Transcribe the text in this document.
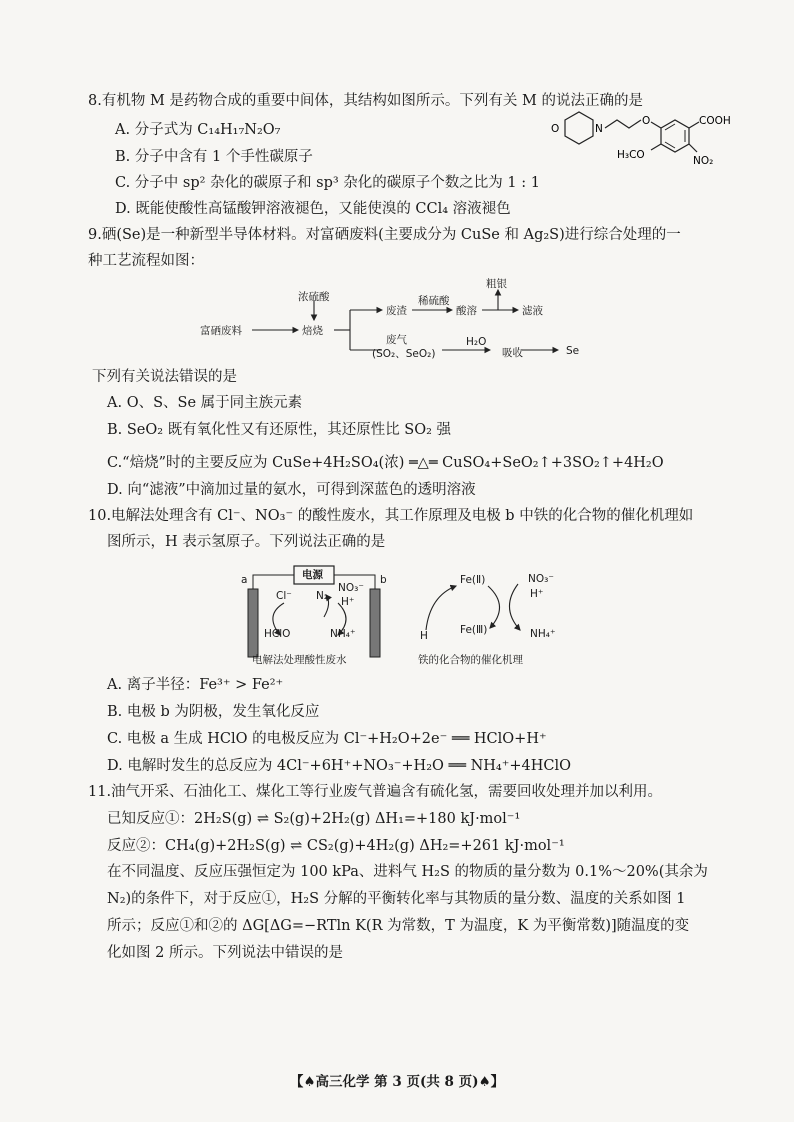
8.有机物 M 是药物合成的重要中间体，其结构如图所示。下列有关 M 的说法正确的是
A. 分子式为 C₁₄H₁₇N₂O₇
B. 分子中含有 1 个手性碳原子
C. 分子中 sp² 杂化的碳原子和 sp³ 杂化的碳原子个数之比为 1 : 1
D. 既能使酸性高锰酸钾溶液褪色，又能使溴的 CCl₄ 溶液褪色
O	N
O	COOH
H₃CO	NO₂
9.硒(Se)是一种新型半导体材料。对富硒废料(主要成分为 CuSe 和 Ag₂S)进行综合处理的一
种工艺流程如图：
富硒废料
浓硫酸
焙烧
废渣
稀硫酸
酸溶
粗银
滤液
废气
(SO₂、SeO₂)
H₂O
吸收	Se
下列有关说法错误的是
A. O、S、Se 属于同主族元素
B. SeO₂ 既有氧化性又有还原性，其还原性比 SO₂ 强
C.“焙烧”时的主要反应为 CuSe+4H₂SO₄(浓) ═△═ CuSO₄+SeO₂↑+3SO₂↑+4H₂O
D. 向“滤液”中滴加过量的氨水，可得到深蓝色的透明溶液
10.电解法处理含有 Cl⁻、NO₃⁻ 的酸性废水，其工作原理及电极 b 中铁的化合物的催化机理如
图所示，H 表示氢原子。下列说法正确的是
a	b
电源
Cl⁻ N₂
NO₃⁻
H⁺
HClO	NH₄⁺
电解法处理酸性废水
Fe(Ⅱ)
Fe(Ⅲ)
H
NO₃⁻
H⁺
NH₄⁺
铁的化合物的催化机理
A. 离子半径：Fe³⁺ > Fe²⁺
B. 电极 b 为阴极，发生氧化反应
C. 电极 a 生成 HClO 的电极反应为 Cl⁻+H₂O+2e⁻ ══ HClO+H⁺
D. 电解时发生的总反应为 4Cl⁻+6H⁺+NO₃⁻+H₂O ══ NH₄⁺+4HClO
11.油气开采、石油化工、煤化工等行业废气普遍含有硫化氢，需要回收处理并加以利用。
已知反应①：2H₂S(g) ⇌ S₂(g)+2H₂(g) ΔH₁=+180 kJ·mol⁻¹
反应②：CH₄(g)+2H₂S(g) ⇌ CS₂(g)+4H₂(g) ΔH₂=+261 kJ·mol⁻¹
在不同温度、反应压强恒定为 100 kPa、进料气 H₂S 的物质的量分数为 0.1%～20%(其余为
N₂)的条件下，对于反应①，H₂S 分解的平衡转化率与其物质的量分数、温度的关系如图 1
所示；反应①和②的 ΔG[ΔG=−RTln K(R 为常数，T 为温度，K 为平衡常数)]随温度的变
化如图 2 所示。下列说法中错误的是
【♠高三化学 第 3 页(共 8 页)♠】
